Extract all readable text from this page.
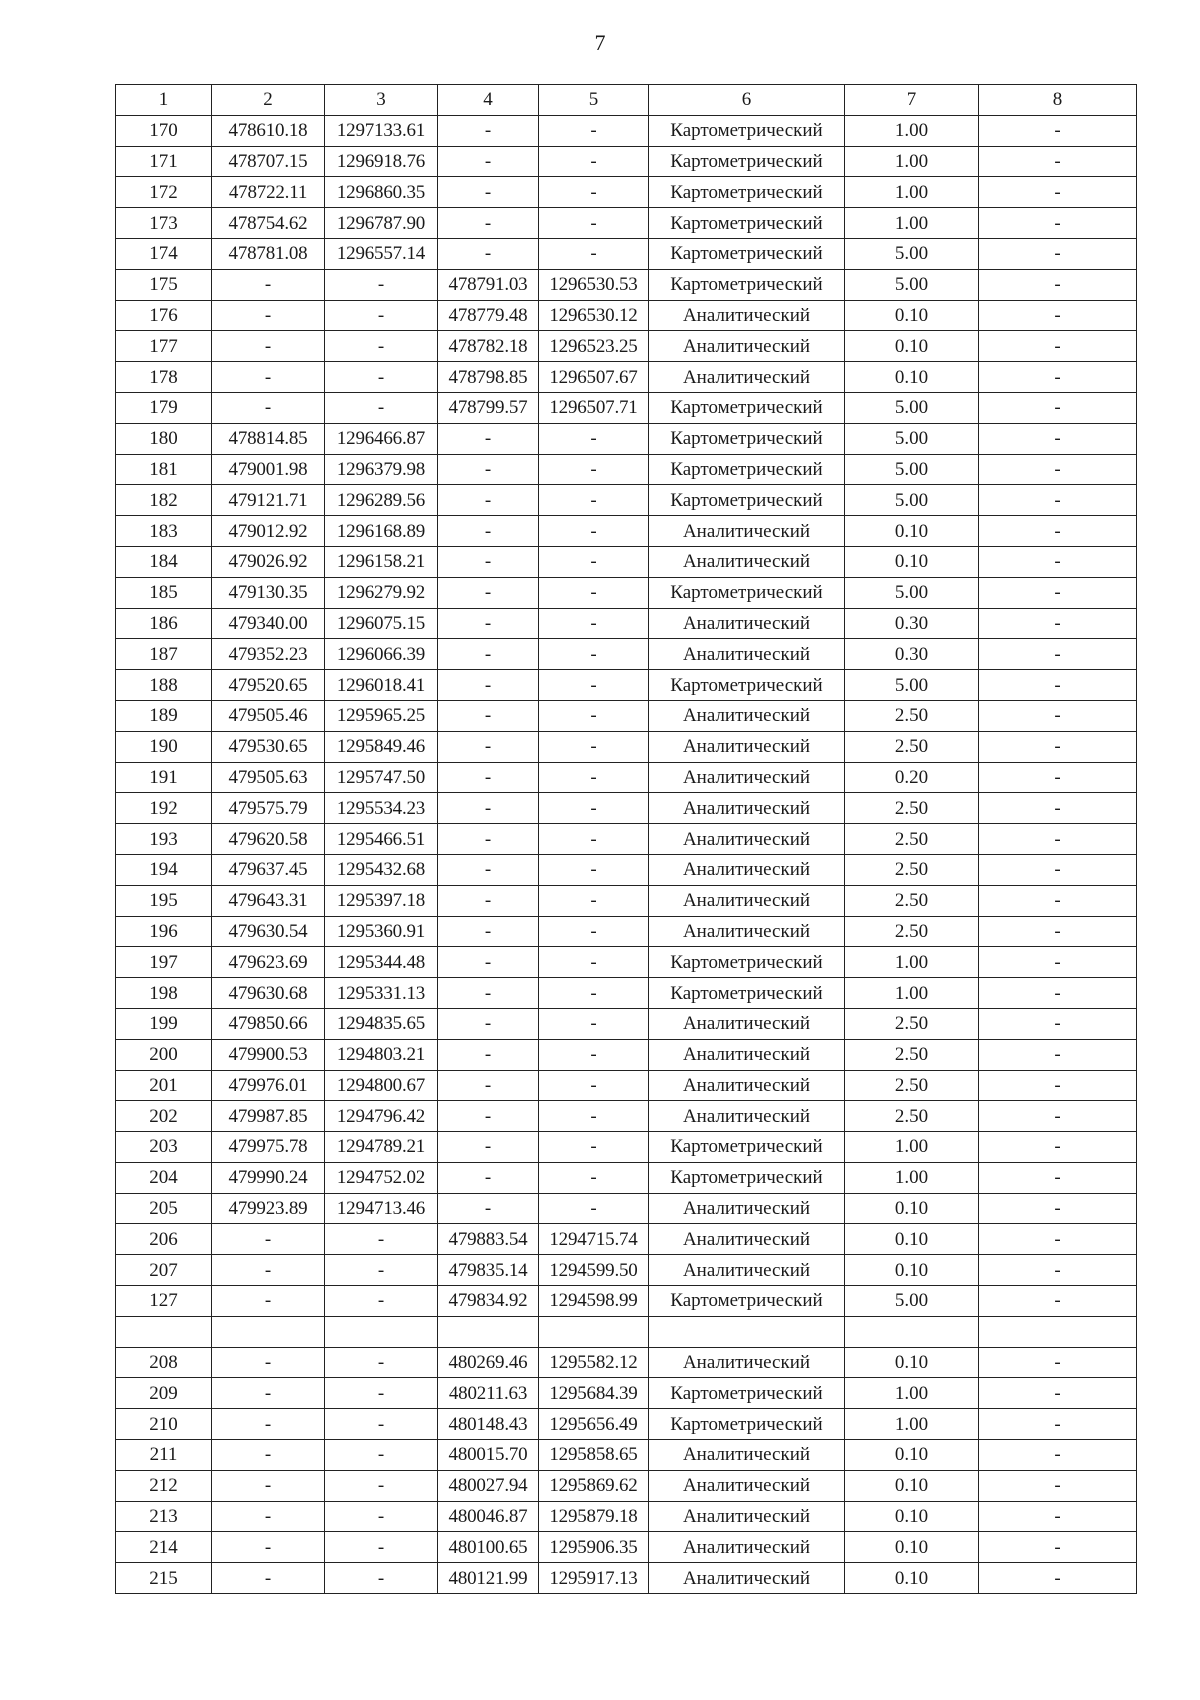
7
1	2	3	4	5	6	7	8
170	478610.18	1297133.61	-	-	Картометрический	1.00	-
171	478707.15	1296918.76	-	-	Картометрический	1.00	-
172	478722.11	1296860.35	-	-	Картометрический	1.00	-
173	478754.62	1296787.90	-	-	Картометрический	1.00	-
174	478781.08	1296557.14	-	-	Картометрический	5.00	-
175	-	-	478791.03	1296530.53	Картометрический	5.00	-
176	-	-	478779.48	1296530.12	Аналитический	0.10	-
177	-	-	478782.18	1296523.25	Аналитический	0.10	-
178	-	-	478798.85	1296507.67	Аналитический	0.10	-
179	-	-	478799.57	1296507.71	Картометрический	5.00	-
180	478814.85	1296466.87	-	-	Картометрический	5.00	-
181	479001.98	1296379.98	-	-	Картометрический	5.00	-
182	479121.71	1296289.56	-	-	Картометрический	5.00	-
183	479012.92	1296168.89	-	-	Аналитический	0.10	-
184	479026.92	1296158.21	-	-	Аналитический	0.10	-
185	479130.35	1296279.92	-	-	Картометрический	5.00	-
186	479340.00	1296075.15	-	-	Аналитический	0.30	-
187	479352.23	1296066.39	-	-	Аналитический	0.30	-
188	479520.65	1296018.41	-	-	Картометрический	5.00	-
189	479505.46	1295965.25	-	-	Аналитический	2.50	-
190	479530.65	1295849.46	-	-	Аналитический	2.50	-
191	479505.63	1295747.50	-	-	Аналитический	0.20	-
192	479575.79	1295534.23	-	-	Аналитический	2.50	-
193	479620.58	1295466.51	-	-	Аналитический	2.50	-
194	479637.45	1295432.68	-	-	Аналитический	2.50	-
195	479643.31	1295397.18	-	-	Аналитический	2.50	-
196	479630.54	1295360.91	-	-	Аналитический	2.50	-
197	479623.69	1295344.48	-	-	Картометрический	1.00	-
198	479630.68	1295331.13	-	-	Картометрический	1.00	-
199	479850.66	1294835.65	-	-	Аналитический	2.50	-
200	479900.53	1294803.21	-	-	Аналитический	2.50	-
201	479976.01	1294800.67	-	-	Аналитический	2.50	-
202	479987.85	1294796.42	-	-	Аналитический	2.50	-
203	479975.78	1294789.21	-	-	Картометрический	1.00	-
204	479990.24	1294752.02	-	-	Картометрический	1.00	-
205	479923.89	1294713.46	-	-	Аналитический	0.10	-
206	-	-	479883.54	1294715.74	Аналитический	0.10	-
207	-	-	479835.14	1294599.50	Аналитический	0.10	-
127	-	-	479834.92	1294598.99	Картометрический	5.00	-

208	-	-	480269.46	1295582.12	Аналитический	0.10	-
209	-	-	480211.63	1295684.39	Картометрический	1.00	-
210	-	-	480148.43	1295656.49	Картометрический	1.00	-
211	-	-	480015.70	1295858.65	Аналитический	0.10	-
212	-	-	480027.94	1295869.62	Аналитический	0.10	-
213	-	-	480046.87	1295879.18	Аналитический	0.10	-
214	-	-	480100.65	1295906.35	Аналитический	0.10	-
215	-	-	480121.99	1295917.13	Аналитический	0.10	-
